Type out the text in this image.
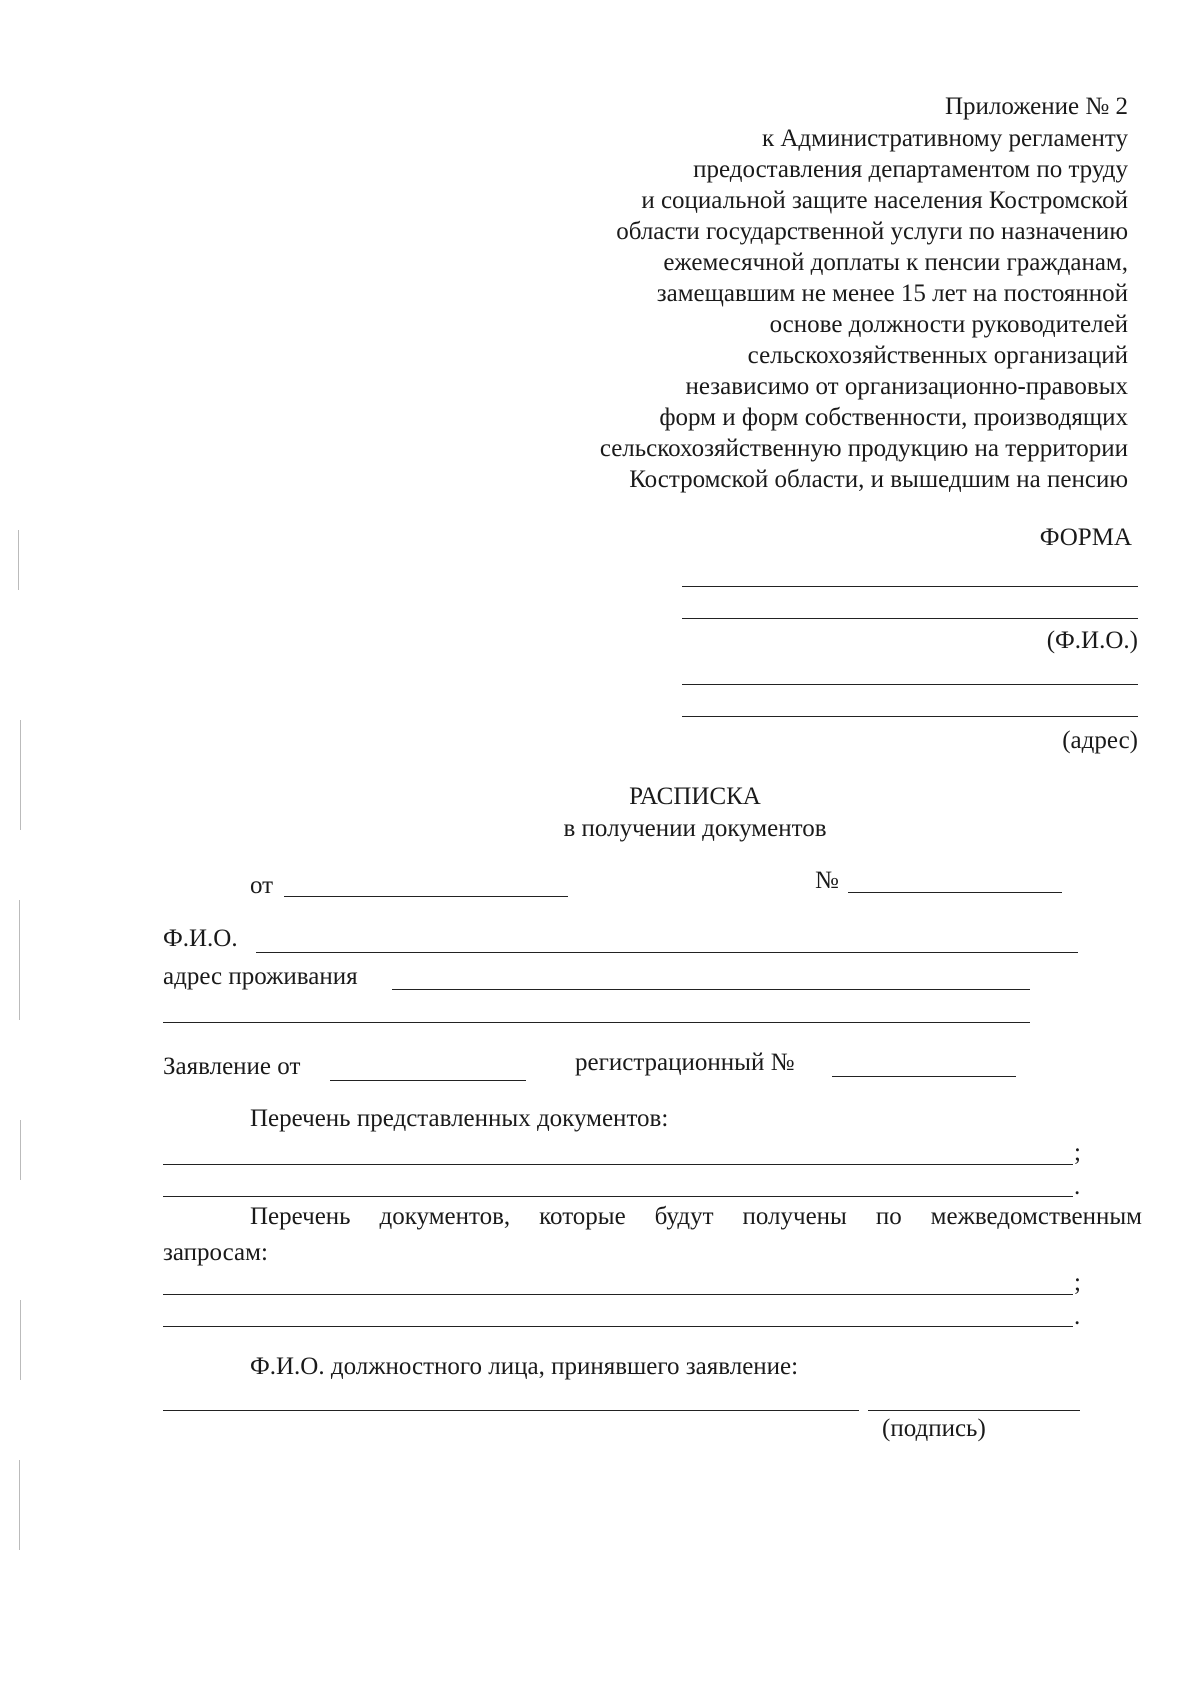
Приложение № 2
к Административному регламенту
предоставления департаментом по труду
и социальной защите населения Костромской
области государственной услуги по назначению
ежемесячной доплаты к пенсии гражданам,
замещавшим не менее 15 лет на постоянной
основе должности руководителей
сельскохозяйственных организаций
независимо от организационно-правовых
форм и форм собственности, производящих
сельскохозяйственную продукцию на территории
Костромской области, и вышедшим на пенсию
ФОРМА
(Ф.И.О.)
(адрес)
РАСПИСКА
в получении документов
от	№
Ф.И.О.
адрес проживания
Заявление от	регистрационный №
Перечень представленных документов:
;
.
Перечень документов, которые будут получены по межведомственным
запросам:
;
.
Ф.И.О. должностного лица, принявшего заявление:
(подпись)
